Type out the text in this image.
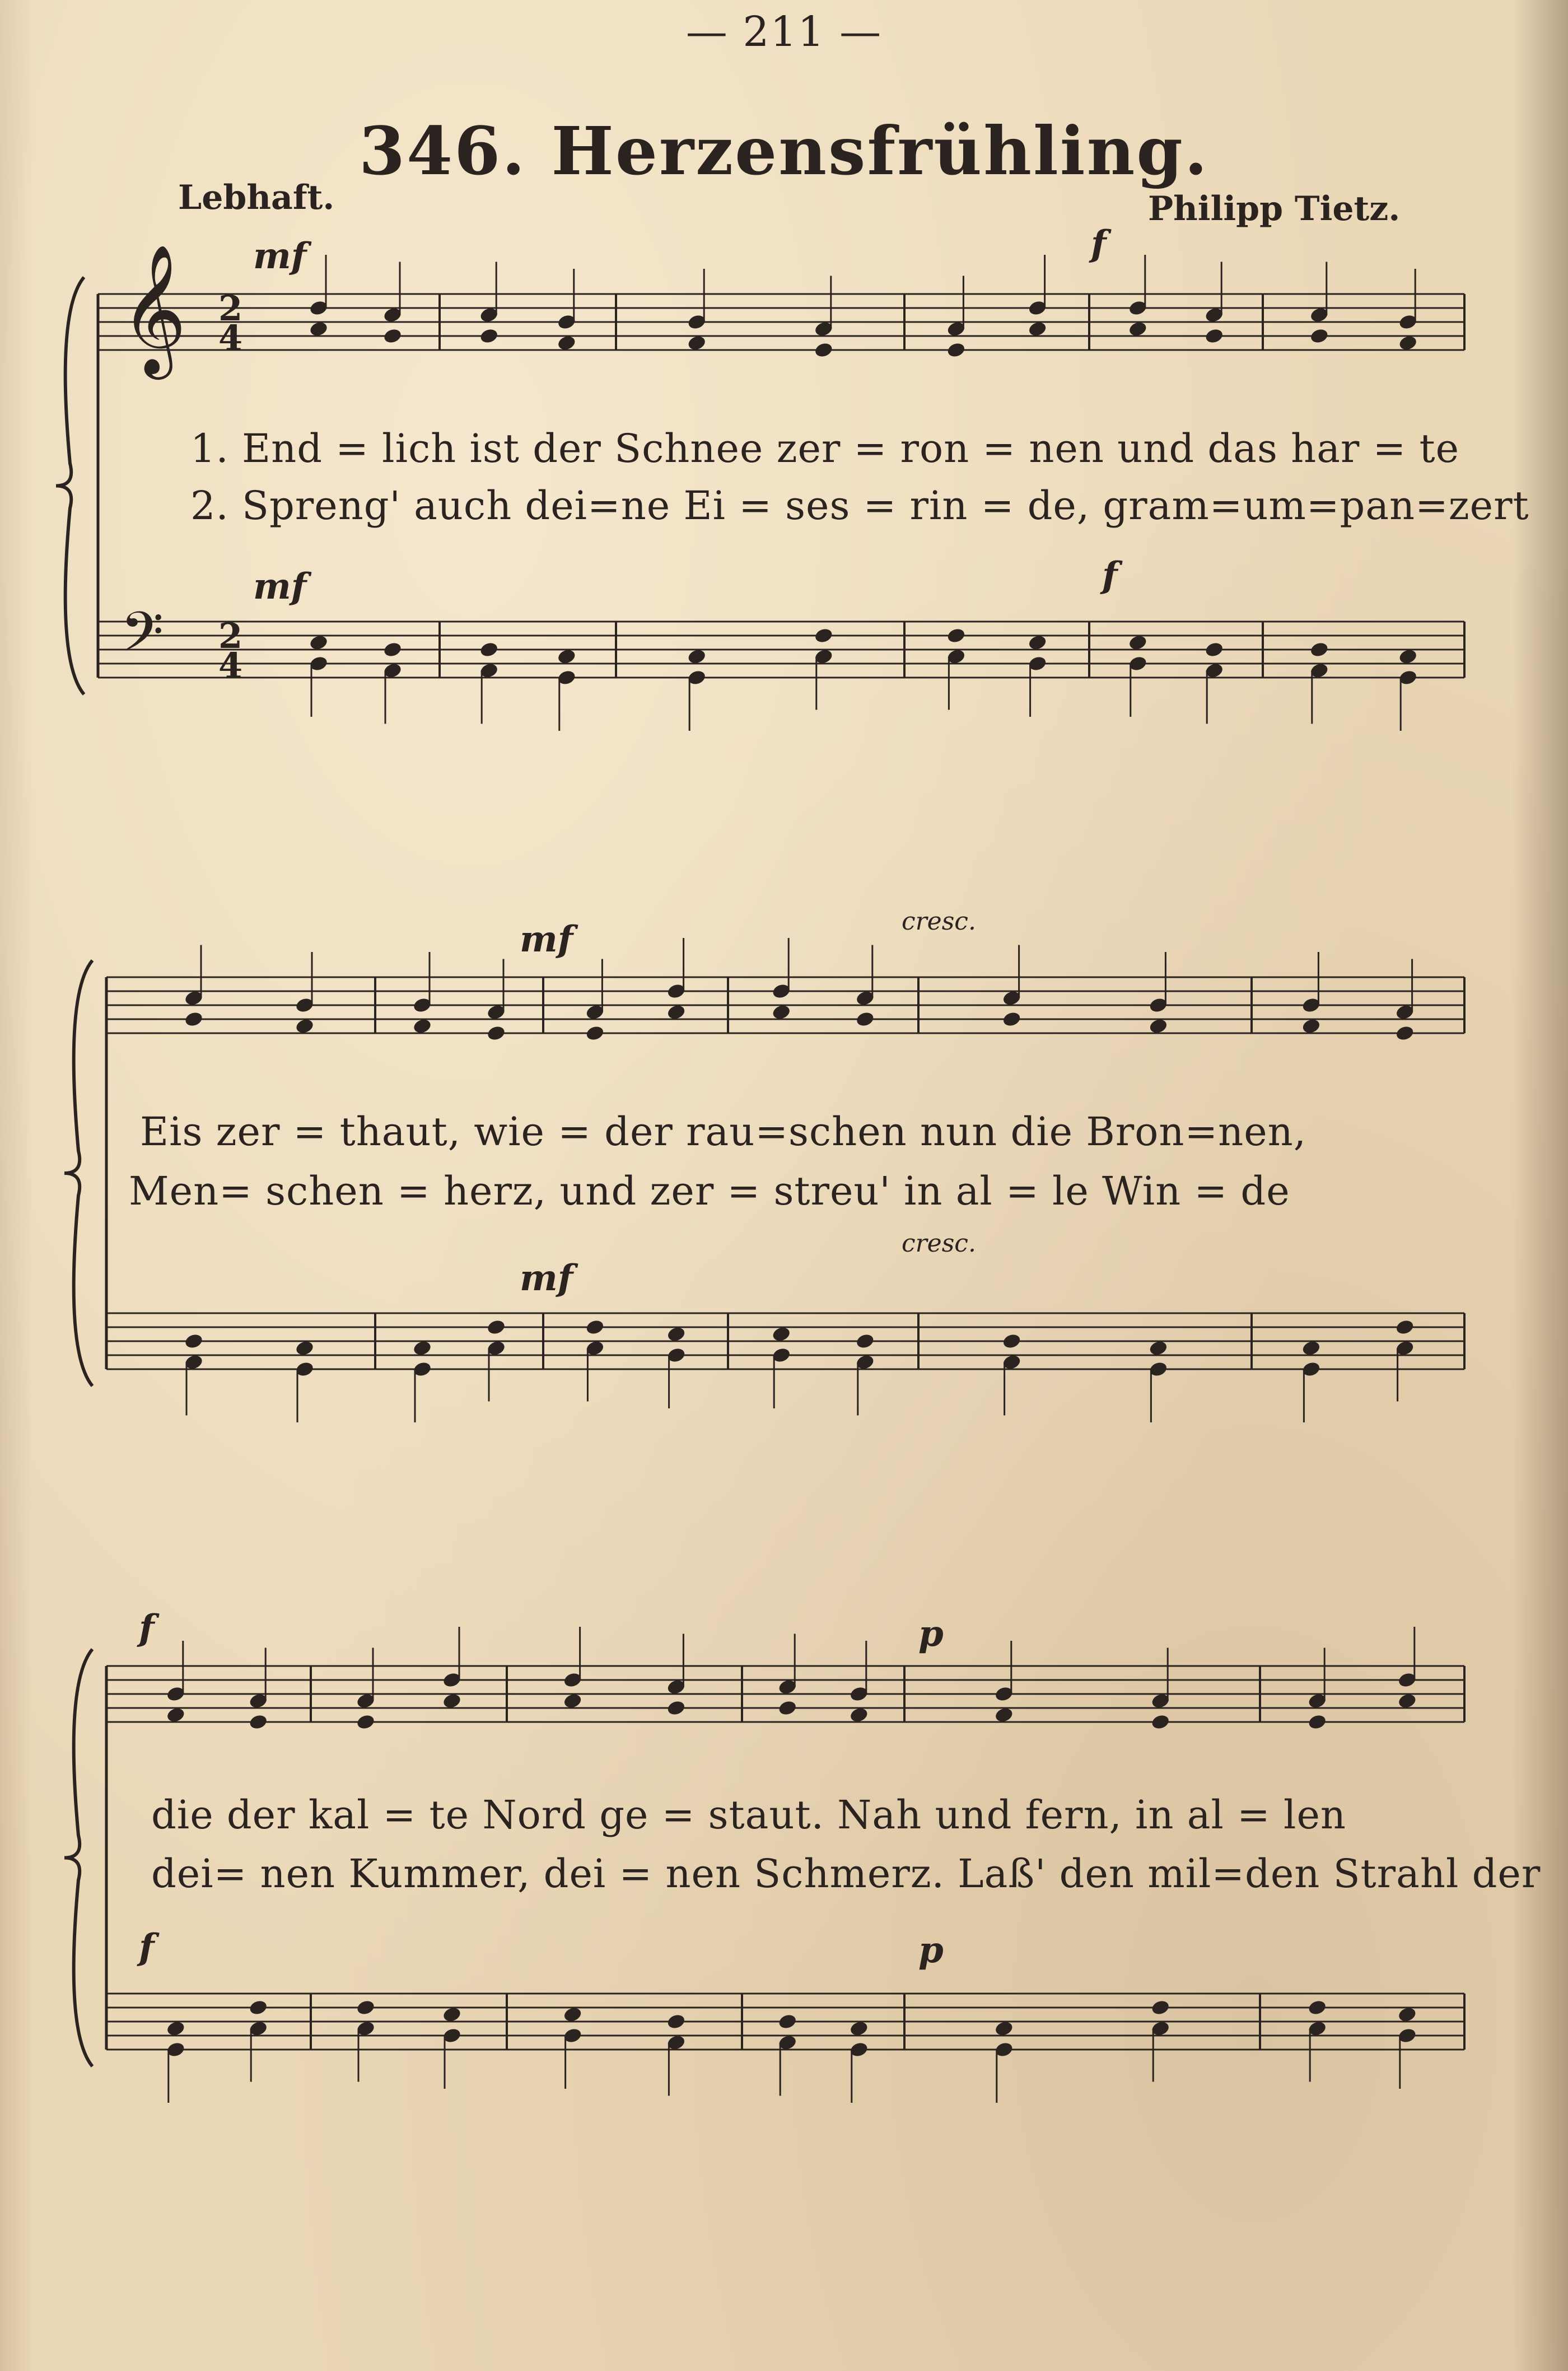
— 211 —
346. Herzensfrühling.
Lebhaft.	Philipp Tietz.
mf	f
mf	f
1. End = lich ist der Schnee zer = ron = nen und das har = te
2. Spreng' auch dei=ne Ei = ses = rin = de, gram=um=pan=zert
mf	cresc.
mf
cresc.
Eis zer = thaut, wie = der rau=schen nun die Bron=nen,
Men= schen = herz, und zer = streu' in al = le Win = de
f	p
f	p
die der kal = te Nord ge = staut. Nah und fern, in al = len
dei= nen Kummer, dei = nen Schmerz. Laß' den mil=den Strahl der
𝄞 2
4
𝄢 2
4
